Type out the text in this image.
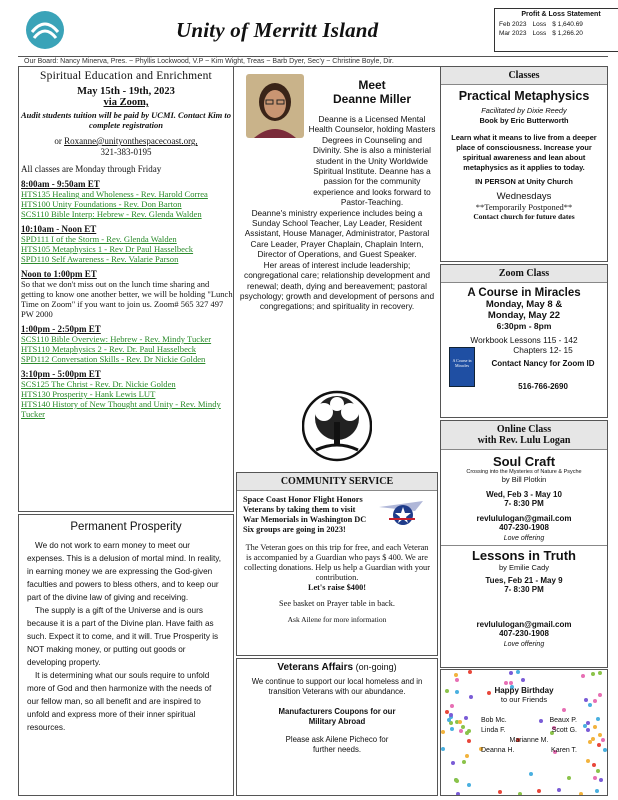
Unity of Merritt Island
Profit & Loss Statement
Feb 2023 Loss $ 1,640.69
Mar 2023 Loss $ 1,266.20
Our Board: Nancy Minerva, Pres. ~ Phyllis Lockwood, V.P ~ Kim Wight, Treas ~ Barb Dyer, Sec'y ~ Christine Boyle, Dir.
Spiritual Education and Enrichment
May 15th - 19th, 2023
via Zoom,
Audit students tuition will be paid by UCMI. Contact Kim to complete registration
or Roxanne@unityonthespacecoast.org,
321-383-0195
All classes are Monday through Friday
8:00am - 9:50am ET
HTS135 Healing and Wholeness - Rev. Harold Correa
HTS100 Unity Foundations - Rev. Don Barton
SCS110 Bible Interp: Hebrew - Rev. Glenda Walden
10:10am - Noon ET
SPD111 I of the Storm - Rev. Glenda Walden
HTS105 Metaphysics 1 - Rev Dr Paul Hasselbeck
SPD110 Self Awareness - Rev. Valarie Parson
Noon to 1:00pm ET
So that we don't miss out on the lunch time sharing and getting to know one another better, we will be holding "Lunch Time on Zoom" if you want to join us. Zoom# 565 327 497 PW 2000
1:00pm - 2:50pm ET
SCS110 Bible Overview: Hebrew - Rev. Mindy Tucker
HTS110 Metaphysics 2 - Rev. Dr. Paul Hasselbeck
SPD112 Conversation Skills - Rev. Dr Nickie Golden
3:10pm - 5:00pm ET
SCS125 The Christ - Rev. Dr. Nickie Golden
HTS130 Prosperity - Hank Lewis LUT
HTS140 History of New Thought and Unity - Rev. Mindy Tucker
Permanent Prosperity

We do not work to earn money to meet our expenses. This is a delusion of mortal mind. In reality, in earning money we are expressing the God-given faculties and powers to bless others, and to keep our part of the divine law of giving and receiving.

The supply is a gift of the Universe and is ours because it is a part of the Divine plan. Have faith as such. Expect it to come, and it will. True Prosperity is NOT making money, or putting out goods or developing property.

It is determining what our souls require to unfold more of God and then harmonize with the needs of our fellow man, so all benefit and are inspired to unfold and express more of their inner spiritual resources.

Meet
Deanne Miller

Deanne is a Licensed Mental Health Counselor, holding Masters Degrees in Counseling and Divinity. She is also a ministerial student in the Unity Worldwide Spiritual Institute. Deanne has a passion for the community experience and looks forward to Pastor-Teaching.

Deanne's ministry experience includes being a Sunday School Teacher, Lay Leader, Resident Assistant, House Manager, Administrator, Pastoral Care Leader, Prayer Chaplain, Chaplain Intern, Director of Operations, and Guest Speaker.

Her areas of interest include leadership; congregational care; relationship development and renewal; death, dying and bereavement; pastoral psychology; growth and development of persons and congregations; and spirituality in recovery.

COMMUNITY SERVICE
Space Coast Honor Flight Honors Veterans by taking them to visit War Memorials in Washington DC
Six groups are going in 2023!
The Veteran goes on this trip for free, and each Veteran is accompanied by a Guardian who pays $ 400. We are collecting donations. Help us help a Guardian with your contribution.
Let's raise $400!
See basket on Prayer table in back.
Ask Ailene for more information
Veterans Affairs (on-going)
We continue to support our local homeless and in transition Veterans with our abundance.
Manufacturers Coupons for our Military Abroad
Please ask Ailene Picheco for further needs.
Classes
Practical Metaphysics
Facilitated by Dixie Reedy
Book by Eric Butterworth
Learn what it means to live from a deeper place of consciousness. Increase your spiritual awareness and lean about metaphysics as it applies to today.
IN PERSON at Unity Church
Wednesdays
**Temporarily Postponed**
Contact church for future dates
Zoom Class
A Course in Miracles
Monday, May 8 &
Monday, May 22
6:30pm - 8pm
Workbook Lessons 115 - 142
A Course in Miracles
Chapters 12- 15
Contact Nancy for Zoom ID
516-766-2690
Online Class
with Rev. Lulu Logan
Soul Craft
Crossing into the Mysteries of Nature & Psyche
by Bill Plotkin
Wed, Feb 3 - May 10
7- 8:30 PM
revlululogan@gmail.com
407-230-1908
Love offering
Lessons in Truth
by Emilie Cady
Tues, Feb 21 - May 9
7- 8:30 PM
revlululogan@gmail.com
407-230-1908
Love offering
Happy Birthday
to our Friends
Bob Mc.	Beaux P.
Linda F.	Scott G.
Marianne M.
Deanna H.	Karen T.
